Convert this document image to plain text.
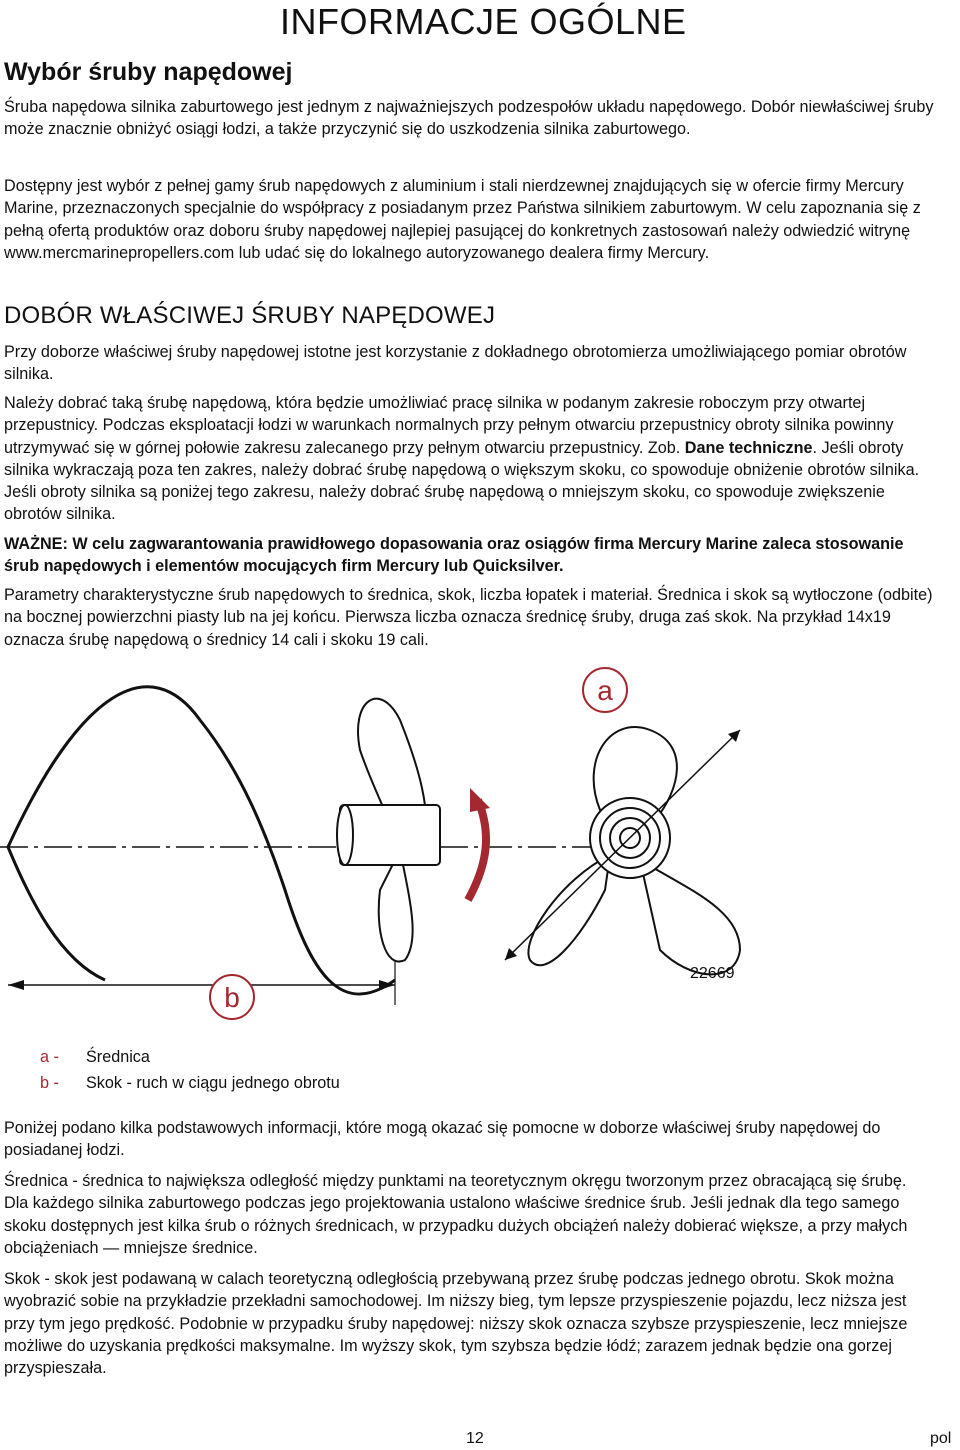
INFORMACJE OGÓLNE
Wybór śruby napędowej

Śruba napędowa silnika zaburtowego jest jednym z najważniejszych podzespołów układu napędowego. Dobór niewłaściwej śruby może znacznie obniżyć osiągi łodzi, a także przyczynić się do uszkodzenia silnika zaburtowego.

Dostępny jest wybór z pełnej gamy śrub napędowych z aluminium i stali nierdzewnej znajdujących się w ofercie firmy Mercury Marine, przeznaczonych specjalnie do współpracy z posiadanym przez Państwa silnikiem zaburtowym. W celu zapoznania się z pełną ofertą produktów oraz doboru śruby napędowej najlepiej pasującej do konkretnych zastosowań należy odwiedzić witrynę www.mercmarinepropellers.com lub udać się do lokalnego autoryzowanego dealera firmy Mercury.

DOBÓR WŁAŚCIWEJ ŚRUBY NAPĘDOWEJ

Przy doborze właściwej śruby napędowej istotne jest korzystanie z dokładnego obrotomierza umożliwiającego pomiar obrotów silnika.

Należy dobrać taką śrubę napędową, która będzie umożliwiać pracę silnika w podanym zakresie roboczym przy otwartej przepustnicy. Podczas eksploatacji łodzi w warunkach normalnych przy pełnym otwarciu przepustnicy obroty silnika powinny utrzymywać się w górnej połowie zakresu zalecanego przy pełnym otwarciu przepustnicy. Zob. Dane techniczne. Jeśli obroty silnika wykraczają poza ten zakres, należy dobrać śrubę napędową o większym skoku, co spowoduje obniżenie obrotów silnika. Jeśli obroty silnika są poniżej tego zakresu, należy dobrać śrubę napędową o mniejszym skoku, co spowoduje zwiększenie obrotów silnika.

WAŻNE: W celu zagwarantowania prawidłowego dopasowania oraz osiągów firma Mercury Marine zaleca stosowanie śrub napędowych i elementów mocujących firm Mercury lub Quicksilver.

Parametry charakterystyczne śrub napędowych to średnica, skok, liczba łopatek i materiał. Średnica i skok są wytłoczone (odbite) na bocznej powierzchni piasty lub na jej końcu. Pierwsza liczba oznacza średnicę śruby, druga zaś skok. Na przykład 14x19 oznacza śrubę napędową o średnicy 14 cali i skoku 19 cali.

a
b
22669
a -	Średnica
b -	Skok - ruch w ciągu jednego obrotu

Poniżej podano kilka podstawowych informacji, które mogą okazać się pomocne w doborze właściwej śruby napędowej do posiadanej łodzi.

Średnica - średnica to największa odległość między punktami na teoretycznym okręgu tworzonym przez obracającą się śrubę. Dla każdego silnika zaburtowego podczas jego projektowania ustalono właściwe średnice śrub. Jeśli jednak dla tego samego skoku dostępnych jest kilka śrub o różnych średnicach, w przypadku dużych obciążeń należy dobierać większe, a przy małych obciążeniach — mniejsze średnice.

Skok - skok jest podawaną w calach teoretyczną odległością przebywaną przez śrubę podczas jednego obrotu. Skok można wyobrazić sobie na przykładzie przekładni samochodowej. Im niższy bieg, tym lepsze przyspieszenie pojazdu, lecz niższa jest przy tym jego prędkość. Podobnie w przypadku śruby napędowej: niższy skok oznacza szybsze przyspieszenie, lecz mniejsze możliwe do uzyskania prędkości maksymalne. Im wyższy skok, tym szybsza będzie łódź; zarazem jednak będzie ona gorzej przyspieszała.

12	pol
